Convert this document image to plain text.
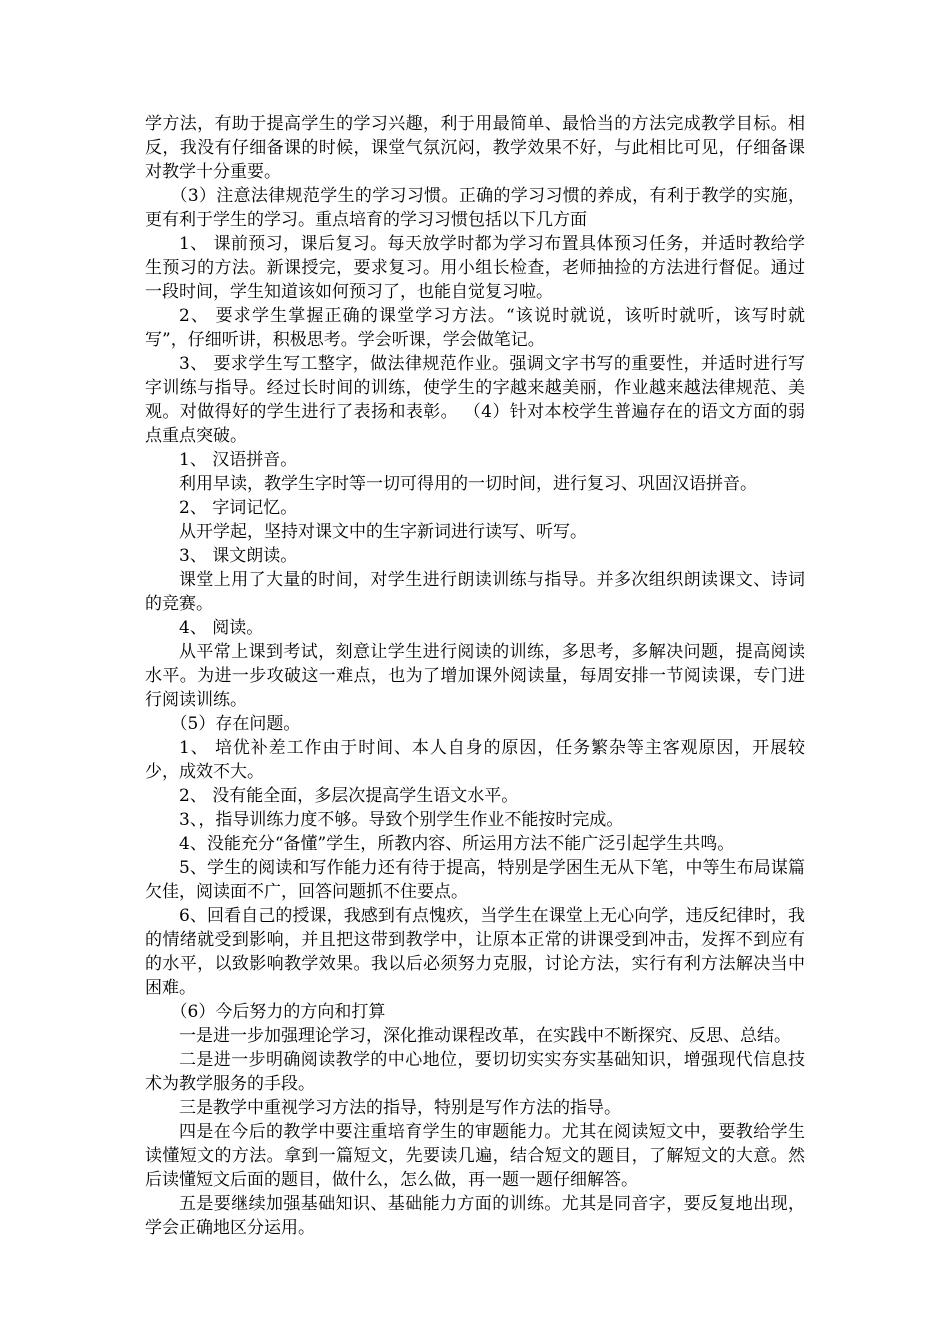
学方法，有助于提高学生的学习兴趣，利于用最简单、最恰当的方法完成教学目标。相反，我没有仔细备课的时候，课堂气氛沉闷，教学效果不好，与此相比可见，仔细备课对教学十分重要。

（3）注意法律规范学生的学习习惯。正确的学习习惯的养成，有利于教学的实施，更有利于学生的学习。重点培育的学习习惯包括以下几方面

1、 课前预习，课后复习。每天放学时都为学习布置具体预习任务，并适时教给学生预习的方法。新课授完，要求复习。用小组长检查，老师抽捡的方法进行督促。通过一段时间，学生知道该如何预习了，也能自觉复习啦。

2、 要求学生掌握正确的课堂学习方法。“该说时就说，该听时就听，该写时就写”，仔细听讲，积极思考。学会听课，学会做笔记。

3、 要求学生写工整字，做法律规范作业。强调文字书写的重要性，并适时进行写字训练与指导。经过长时间的训练，使学生的字越来越美丽，作业越来越法律规范、美观。对做得好的学生进行了表扬和表彰。 （4）针对本校学生普遍存在的语文方面的弱点重点突破。

1、 汉语拼音。

利用早读，教学生字时等一切可得用的一切时间，进行复习、巩固汉语拼音。

2、 字词记忆。

从开学起，坚持对课文中的生字新词进行读写、听写。

3、 课文朗读。

课堂上用了大量的时间，对学生进行朗读训练与指导。并多次组织朗读课文、诗词的竞赛。

4、 阅读。

从平常上课到考试，刻意让学生进行阅读的训练，多思考，多解决问题，提高阅读水平。为进一步攻破这一难点，也为了增加课外阅读量，每周安排一节阅读课，专门进行阅读训练。

（5）存在问题。

1、 培优补差工作由于时间、本人自身的原因，任务繁杂等主客观原因，开展较少，成效不大。

2、 没有能全面，多层次提高学生语文水平。

3、，指导训练力度不够。导致个别学生作业不能按时完成。

4、没能充分“备懂”学生，所教内容、所运用方法不能广泛引起学生共鸣。

5、学生的阅读和写作能力还有待于提高，特别是学困生无从下笔，中等生布局谋篇欠佳，阅读面不广，回答问题抓不住要点。

6、回看自己的授课，我感到有点愧疚，当学生在课堂上无心向学，违反纪律时，我的情绪就受到影响，并且把这带到教学中，让原本正常的讲课受到冲击，发挥不到应有的水平，以致影响教学效果。我以后必须努力克服，讨论方法，实行有利方法解决当中困难。

（6）今后努力的方向和打算

一是进一步加强理论学习，深化推动课程改革，在实践中不断探究、反思、总结。

二是进一步明确阅读教学的中心地位，要切切实实夯实基础知识，增强现代信息技术为教学服务的手段。

三是教学中重视学习方法的指导，特别是写作方法的指导。

四是在今后的教学中要注重培育学生的审题能力。尤其在阅读短文中，要教给学生读懂短文的方法。拿到一篇短文，先要读几遍，结合短文的题目，了解短文的大意。然后读懂短文后面的题目，做什么，怎么做，再一题一题仔细解答。

五是要继续加强基础知识、基础能力方面的训练。尤其是同音字，要反复地出现，学会正确地区分运用。
